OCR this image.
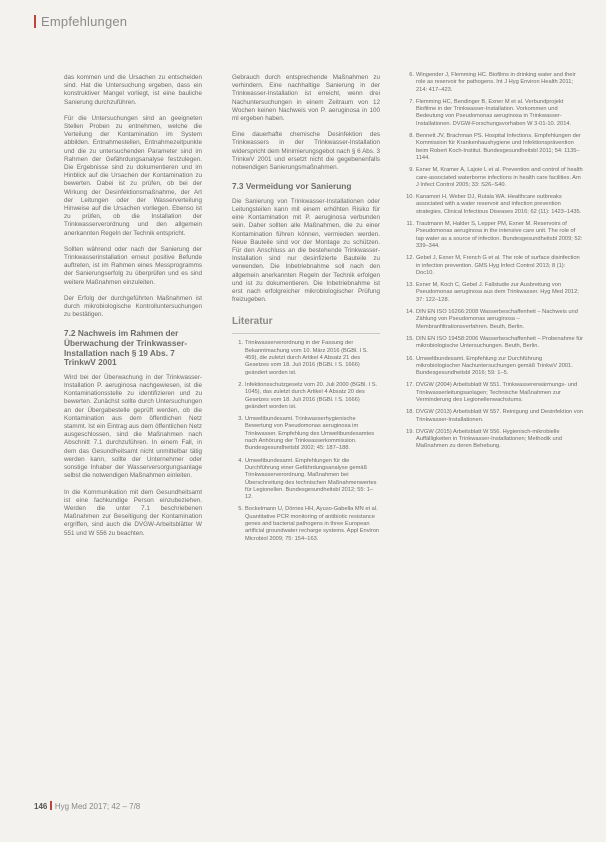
Empfehlungen

das kommen und die Ursachen zu entscheiden sind. Hat die Untersuchung ergeben, dass ein konstruktiver Mangel vorliegt, ist eine bauliche Sanierung durchzuführen.

Für die Untersuchungen sind an geeigneten Stellen Proben zu entnehmen, welche die Verteilung der Kontamination im System abbilden. Entnahmestellen, Entnahmezeitpunkte und die zu untersuchenden Parameter sind im Rahmen der Gefährdungsanalyse festzulegen. Die Ergebnisse sind zu dokumentieren und im Hinblick auf die Ursachen der Kontamination zu bewerten. Dabei ist zu prüfen, ob bei der Wirkung der Desinfektionsmaßnahme, der Art der Leitungen oder der Wasserverteilung Hinweise auf die Ursachen vorliegen. Ebenso ist zu prüfen, ob die Installation der Trinkwasserverordnung und den allgemein anerkannten Regeln der Technik entspricht.

Sollten während oder nach der Sanierung der Trinkwasserinstallation erneut positive Befunde auftreten, ist im Rahmen eines Messprogramms der Sanierungserfolg zu überprüfen und es sind weitere Maßnahmen einzuleiten.

Der Erfolg der durchgeführten Maßnahmen ist durch mikrobiologische Kontrolluntersuchungen zu bestätigen.

7.2 Nachweis im Rahmen der Überwachung der Trinkwasser-Installation nach § 19 Abs. 7 TrinkwV 2001

Wird bei der Überwachung in der Trinkwasser-Installation P. aeruginosa nachgewiesen, ist die Kontaminationsstelle zu identifizieren und zu bewerten. Zunächst sollte durch Untersuchungen an der Übergabestelle geprüft werden, ob die Kontamination aus dem öffentlichen Netz stammt. Ist ein Eintrag aus dem öffentlichen Netz ausgeschlossen, sind die Maßnahmen nach Abschnitt 7.1 durchzuführen. In einem Fall, in dem das Gesundheitsamt nicht unmittelbar tätig werden kann, sollte der Unternehmer oder sonstige Inhaber der Wasserversorgungsanlage selbst die notwendigen Maßnahmen einleiten.

In die Kommunikation mit dem Gesundheitsamt ist eine fachkundige Person einzubeziehen. Werden die unter 7.1 beschriebenen Maßnahmen zur Beseitigung der Kontamination ergriffen, sind auch die DVGW-Arbeitsblätter W 551 und W 556 zu beachten.

Gebrauch durch entsprechende Maßnahmen zu verhindern. Eine nachhaltige Sanierung in der Trinkwasser-Installation ist erreicht, wenn drei Nachuntersuchungen in einem Zeitraum von 12 Wochen keinen Nachweis von P. aeruginosa in 100 ml ergeben haben.

Eine dauerhafte chemische Desinfektion des Trinkwassers in der Trinkwasser-Installation widerspricht dem Minimierungsgebot nach § 6 Abs. 3 TrinkwV 2001 und ersetzt nicht die gegebenenfalls notwendigen Sanierungsmaßnahmen.

7.3 Vermeidung vor Sanierung

Die Sanierung von Trinkwasser-Installationen oder Leitungsteilen kann mit einem erhöhten Risiko für eine Kontamination mit P. aeruginosa verbunden sein. Daher sollten alle Maßnahmen, die zu einer Kontamination führen können, vermieden werden. Neue Bauteile sind vor der Montage zu schützen. Für den Anschluss an die bestehende Trinkwasser-Installation sind nur desinfizierte Bauteile zu verwenden. Die Inbetriebnahme soll nach den allgemein anerkannten Regeln der Technik erfolgen und ist zu dokumentieren. Die Inbetriebnahme ist erst nach erfolgreicher mikrobiologischer Prüfung freizugeben.

Literatur
1. Trinkwasserverordnung in der Fassung der Bekanntmachung vom 10. März 2016 (BGBl. I S. 459), die zuletzt durch Artikel 4 Absatz 21 des Gesetzes vom 18. Juli 2016 (BGBl. I S. 1666) geändert worden ist.
2. Infektionsschutzgesetz vom 20. Juli 2000 (BGBl. I S. 1045), das zuletzt durch Artikel 4 Absatz 20 des Gesetzes vom 18. Juli 2016 (BGBl. I S. 1666) geändert worden ist.
3. Umweltbundesamt. Trinkwasserhygienische Bewertung von Pseudomonas aeruginosa im Trinkwasser. Empfehlung des Umweltbundesamtes nach Anhörung der Trinkwasserkommission. Bundesgesundheitsbl 2002; 45: 187–188.
4. Umweltbundesamt. Empfehlungen für die Durchführung einer Gefährdungsanalyse gemäß Trinkwasserverordnung. Maßnahmen bei Überschreitung des technischen Maßnahmenwertes für Legionellen. Bundesgesundheitsbl 2012; 55: 1–12.
5. Bockelmann U, Dörries HH, Ayuso-Gabella MN et al. Quantitative PCR monitoring of antibiotic resistance genes and bacterial pathogens in three European artificial groundwater recharge systems. Appl Environ Microbiol 2009; 75: 154–163.
6. Wingender J, Flemming HC. Biofilms in drinking water and their role as reservoir for pathogens. Int J Hyg Environ Health 2011; 214: 417–423.
7. Flemming HC, Bendinger B, Exner M et al. Verbundprojekt Biofilme in der Trinkwasser-Installation. Vorkommen und Bedeutung von Pseudomonas aeruginosa in Trinkwasser-Installationen. DVGW-Forschungsvorhaben W 3-01-10. 2014.
8. Bennett JV, Brachman PS. Hospital Infections. Empfehlungen der Kommission für Krankenhaushygiene und Infektionsprävention beim Robert Koch-Institut. Bundesgesundheitsbl 2011; 54: 1135–1144.
9. Exner M, Kramer A, Lajoie L et al. Prevention and control of health care-associated waterborne infections in health care facilities. Am J Infect Control 2005; 33: S26–S40.
10. Kanamori H, Weber DJ, Rutala WA. Healthcare outbreaks associated with a water reservoir and infection prevention strategies. Clinical Infectious Diseases 2016; 62 (11): 1423–1435.
11. Trautmann M, Halder S, Lepper PM, Exner M. Reservoirs of Pseudomonas aeruginosa in the intensive care unit. The role of tap water as a source of infection. Bundesgesundheitsbl 2009; 52: 339–344.
12. Gebel J, Exner M, French G et al. The role of surface disinfection in infection prevention. GMS Hyg Infect Control 2013; 8 (1): Doc10.
13. Exner M, Koch C, Gebel J. Fallstudie zur Ausbreitung von Pseudomonas aeruginosa aus dem Trinkwasser. Hyg Med 2012; 37: 122–128.
14. DIN EN ISO 16266:2008 Wasserbeschaffenheit – Nachweis und Zählung von Pseudomonas aeruginosa – Membranfiltrationsverfahren. Beuth, Berlin.
15. DIN EN ISO 19458:2006 Wasserbeschaffenheit – Probenahme für mikrobiologische Untersuchungen. Beuth, Berlin.
16. Umweltbundesamt. Empfehlung zur Durchführung mikrobiologischer Nachuntersuchungen gemäß TrinkwV 2001. Bundesgesundheitsbl 2016; 59: 1–5.
17. DVGW (2004) Arbeitsblatt W 551. Trinkwassererwärmungs- und Trinkwasserleitungsanlagen; Technische Maßnahmen zur Verminderung des Legionellenwachstums.
18. DVGW (2013) Arbeitsblatt W 557. Reinigung und Desinfektion von Trinkwasser-Installationen.
19. DVGW (2015) Arbeitsblatt W 556. Hygienisch-mikrobielle Auffälligkeiten in Trinkwasser-Installationen; Methodik und Maßnahmen zu deren Behebung.
146 Hyg Med 2017; 42 – 7/8
